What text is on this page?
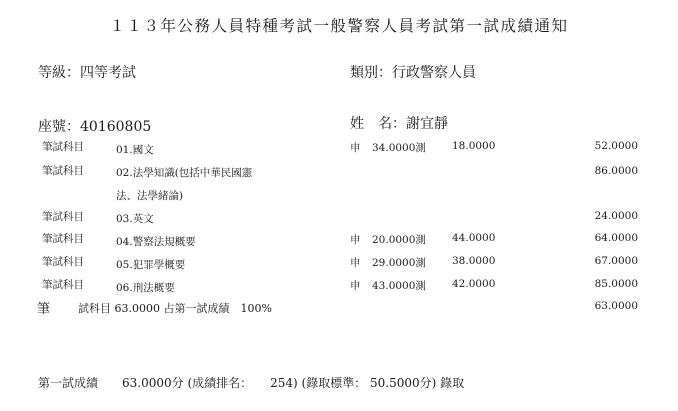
１１３年公務人員特種考試一般警察人員考試第一試成績通知
等級：四等考試	類別：行政警察人員
座號：40160805	姓　名：謝宜靜
筆試科目	01.國文	申 34.0000測 18.0000	52.0000
筆試科目	02.法學知識(包括中華民國憲	86.0000
法、法學緒論)
筆試科目	03.英文	24.0000
筆試科目	04.警察法規概要	申 20.0000測 44.0000	64.0000
筆試科目	05.犯罪學概要	申 29.0000測 38.0000	67.0000
筆試科目	06.刑法概要	申 43.0000測 42.0000	85.0000
筆	試科目 63.0000 占第一試成績　100%	63.0000
第一試成績　　63.0000分 (成績排名：　　254) (錄取標準： 50.5000分) 錄取
